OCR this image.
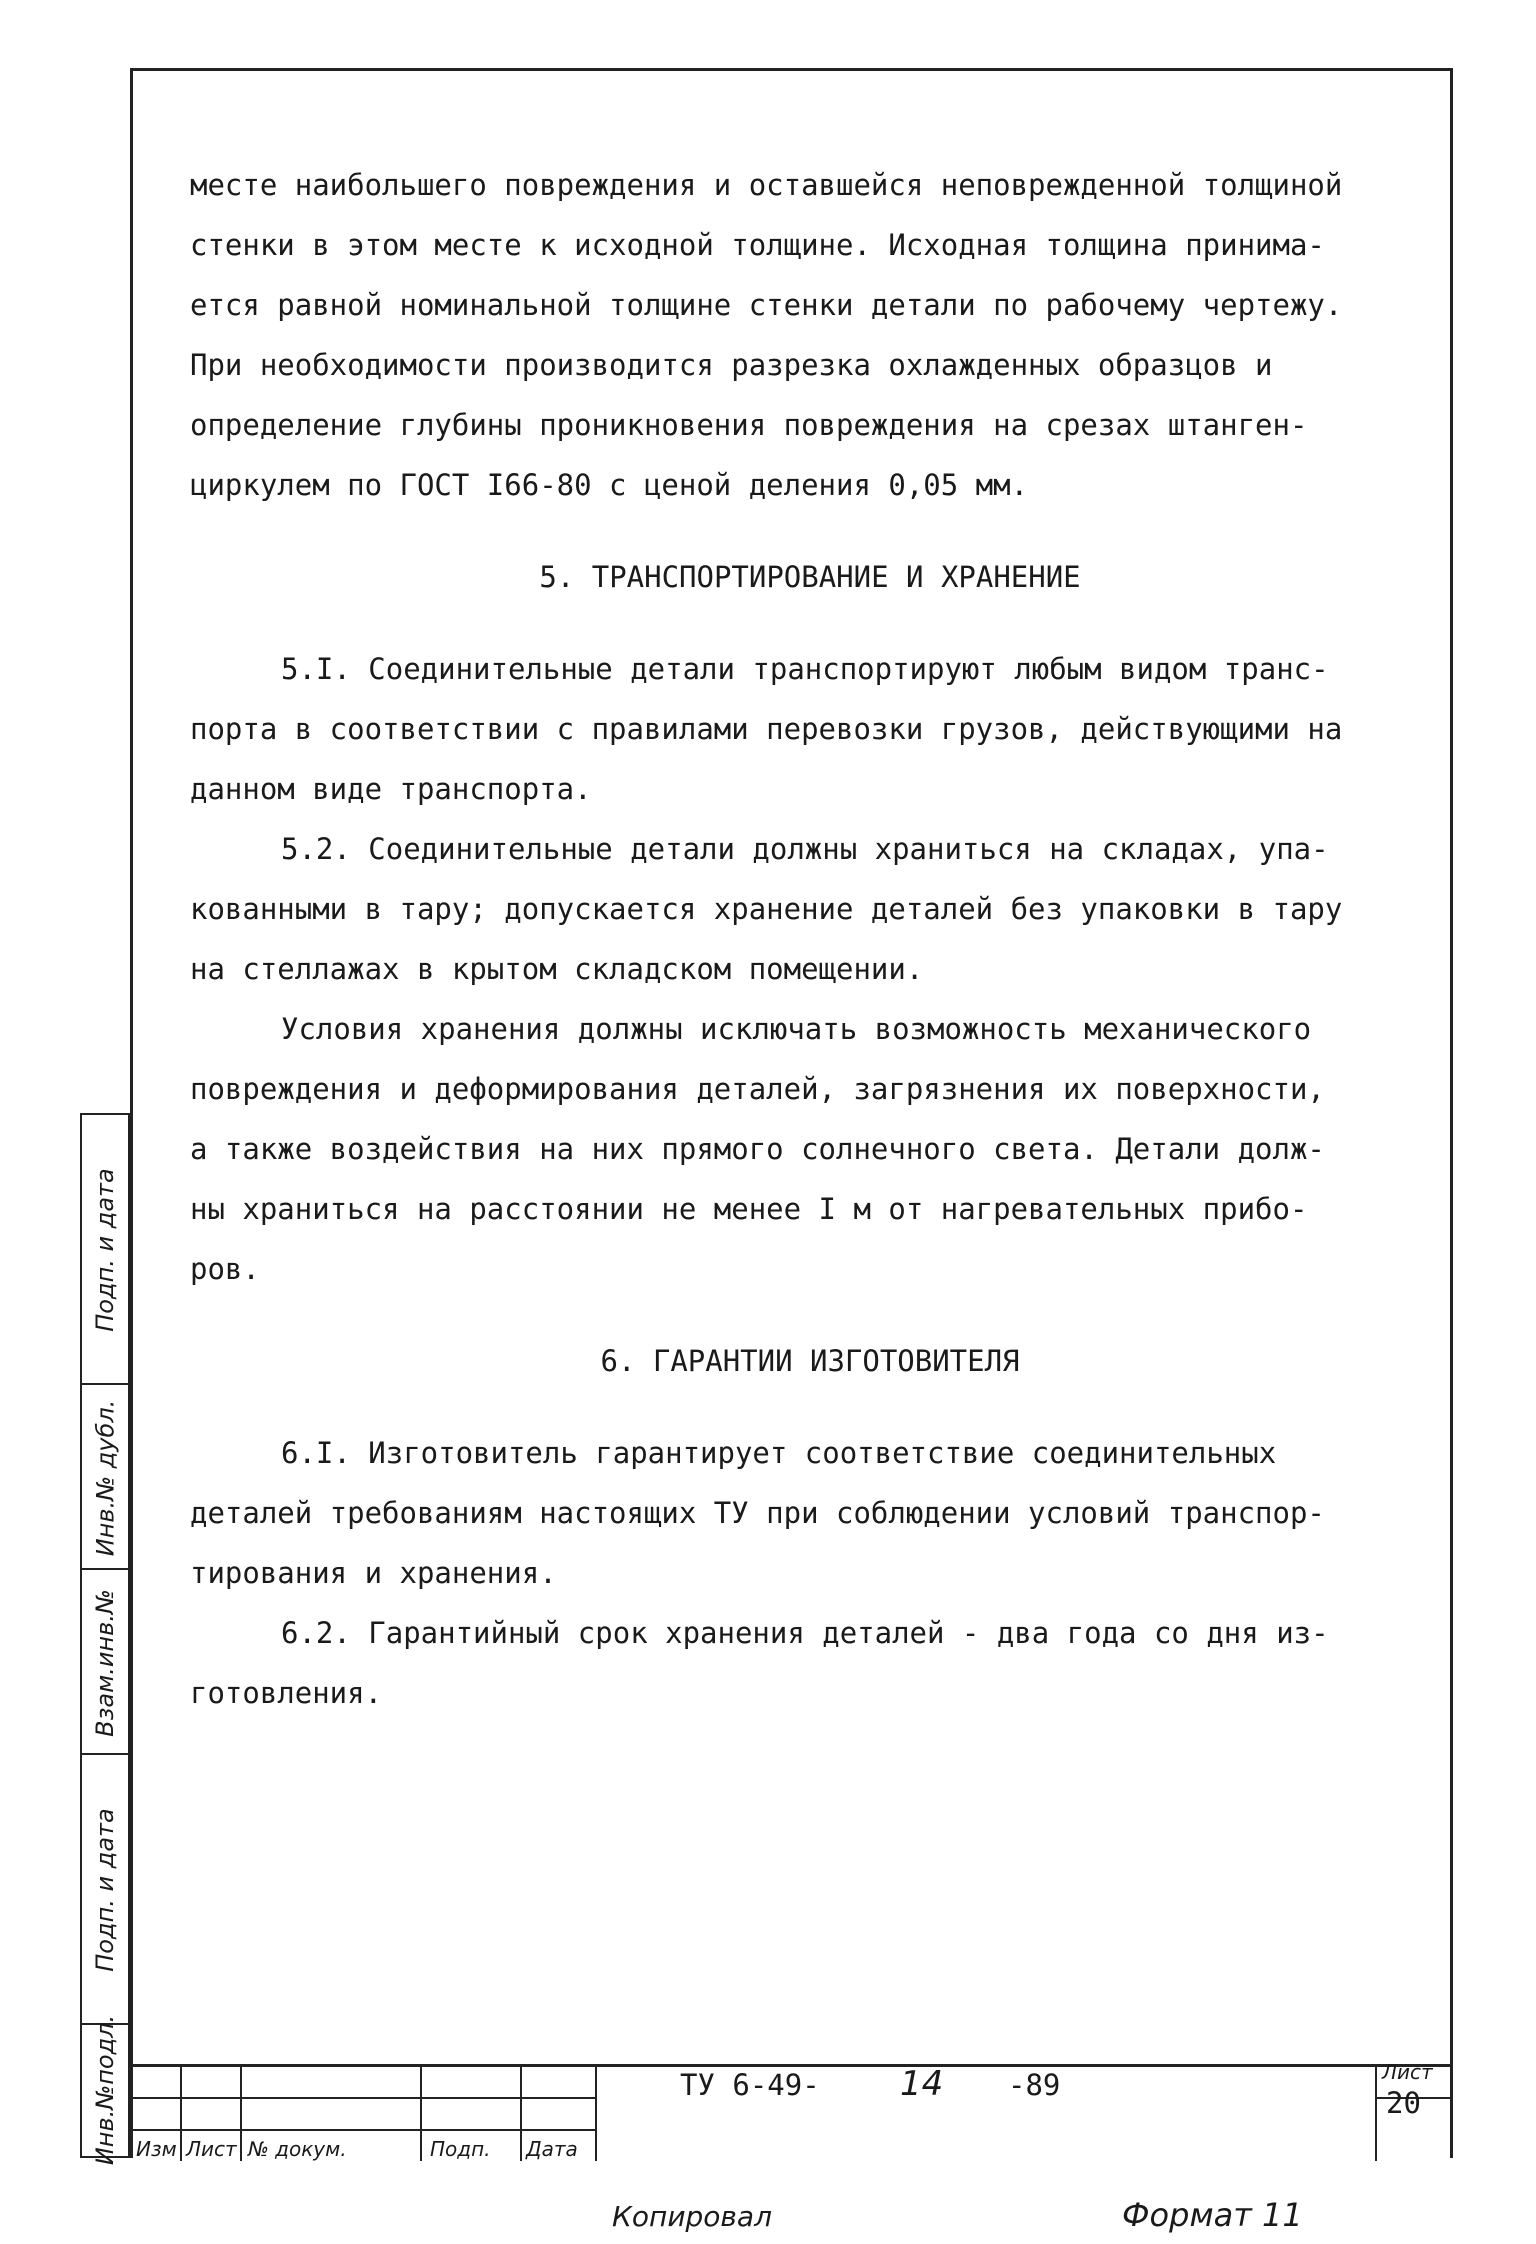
месте наибольшего повреждения и оставшейся неповрежденной толщиной

стенки в этом месте к исходной толщине. Исходная толщина принима-

ется равной номинальной толщине стенки детали по рабочему чертежу.

При необходимости производится разрезка охлажденных образцов и

определение глубины проникновения повреждения на срезах штанген-

циркулем по ГОСТ I66-80 с ценой деления 0,05 мм.

5. ТРАНСПОРТИРОВАНИЕ И ХРАНЕНИЕ

5.I. Соединительные детали транспортируют любым видом транс-

порта в соответствии с правилами перевозки грузов, действующими на

данном виде транспорта.

5.2. Соединительные детали должны храниться на складах, упа-

кованными в тару; допускается хранение деталей без упаковки в тару

на стеллажах в крытом складском помещении.

Условия хранения должны исключать возможность механического

повреждения и деформирования деталей, загрязнения их поверхности,

а также воздействия на них прямого солнечного света. Детали долж-

ны храниться на расстоянии не менее I м от нагревательных прибо-

ров.

6. ГАРАНТИИ ИЗГОТОВИТЕЛЯ

6.I. Изготовитель гарантирует соответствие соединительных

деталей требованиям настоящих ТУ при соблюдении условий транспор-

тирования и хранения.

6.2. Гарантийный срок хранения деталей - два года со дня из-

готовления.

Подп. и дата
Инв.№ дубл.
Взам.инв.№
Подп. и дата
Инв.№подл. Изм Лист № докум.	Подп. Дата
ТУ 6-49- 14 -89	Лист
20
Копировал	Формат 11
